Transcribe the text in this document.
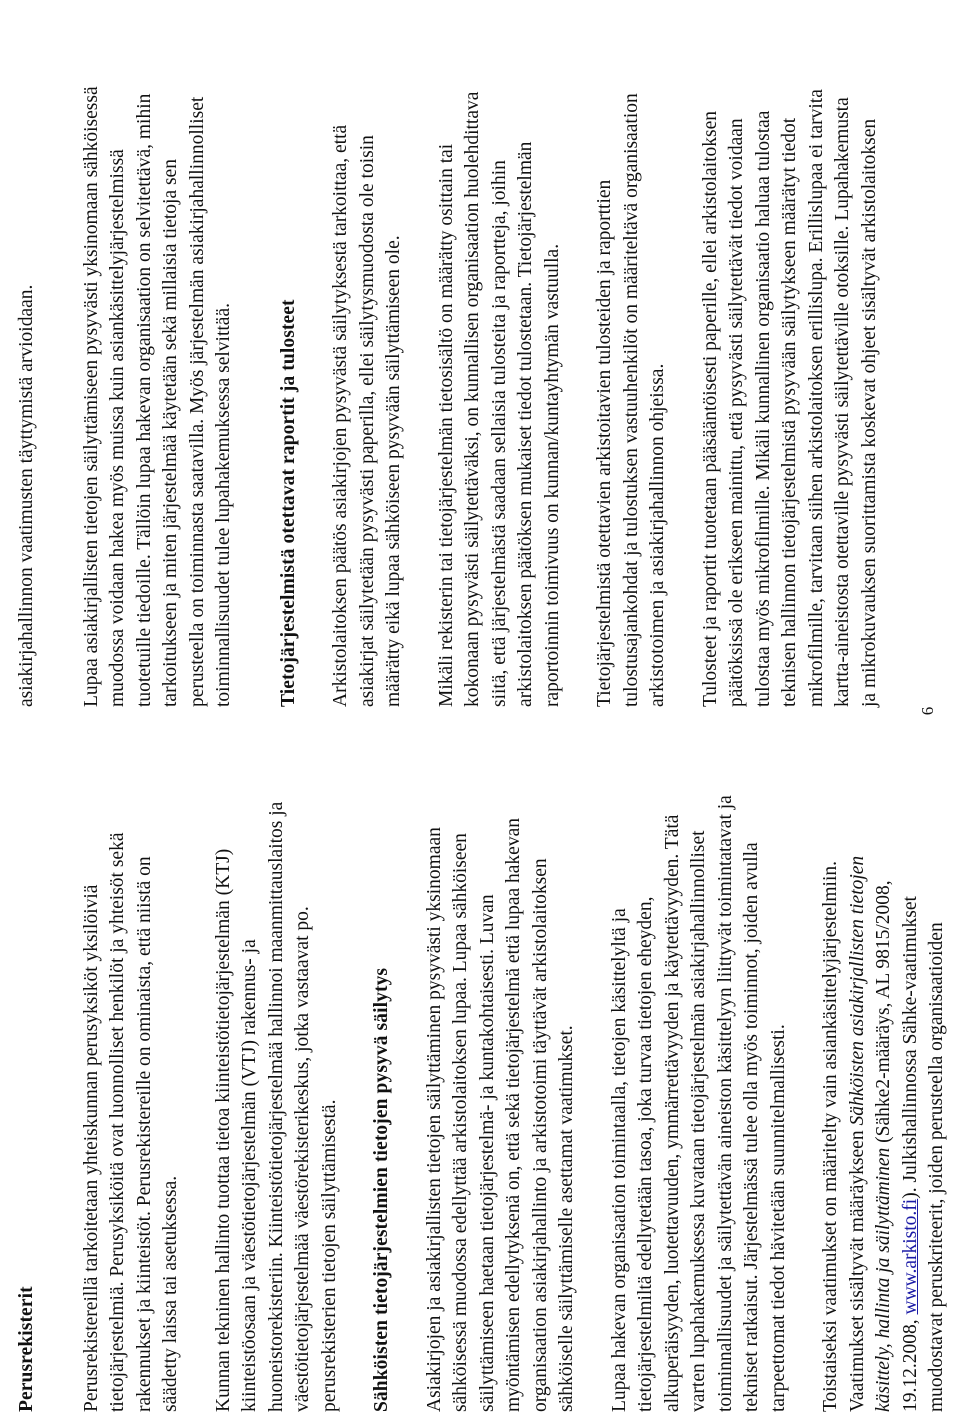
Perusrekisterit Perusrekistereillä tarkoitetaan yhteiskunnan perusyksiköt yksilöiviä tietojärjestelmiä. Perusyksiköitä ovat luonnolliset henkilöt ja yhteisöt sekä rakennukset ja kiinteistöt. Perusrekistereille on ominaista, että niistä on säädetty laissa tai asetuksessa. Kunnan tekninen hallinto tuottaa tietoa kiinteistötietojärjestelmän (KTJ) kiinteistöosaan ja väestötietojärjestelmän (VTJ) rakennus- ja huoneistorekisteriin. Kiinteistötietojärjestelmää hallinnoi maanmittauslaitos ja väestötietojärjestelmää väestörekisterikeskus, jotka vastaavat po. perusrekisterien tietojen säilyttämisestä. Sähköisten tietojärjestelmien tietojen pysyvä säilytys Asiakirjojen ja asiakirjallisten tietojen säilyttäminen pysyvästi yksinomaan sähköisessä muodossa edellyttää arkistolaitoksen lupaa. Lupaa sähköiseen säilyttämiseen haetaan tietojärjestelmä- ja kuntakohtaisesti. Luvan myöntämisen edellytyksenä on, että sekä tietojärjestelmä että lupaa hakevan organisaation asiakirjahallinto ja arkistotoimi täyttävät arkistolaitoksen sähköiselle säilyttämiselle asettamat vaatimukset. Lupaa hakevan organisaation toimintaalla, tietojen käsittelyltä ja tietojärjestelmiltä edellytetään tasoa, joka turvaa tietojen eheyden, alkuperäisyyden, luotettavuuden, ymmärrettävyyden ja käytettävyyden. Tätä varten lupahakemuksessa kuvataan tietojärjestelmän asiakirjahallinnolliset toiminnallisuudet ja säilytettävän aineiston käsittelyyn liittyvät toimintatavat ja tekniset ratkaisut. Järjestelmässä tulee olla myös toiminnot, joiden avulla tarpeettomat tiedot hävitetään suunnitelmallisesti. Toistaiseksi vaatimukset on määritelty vain asiankäsittelyjärjestelmiin. Vaatimukset sisältyvät määräykseen Sähköisten asiakirjallisten tietojen
käsittely, hallinta ja säilyttäminen (Sähke2-määräys, AL 9815/2008,
19.12.2008, www.arkisto.fi). Julkishallinnossa Sähke-vaatimukset muodostavat peruskriteerit, joiden perusteella organisaatioiden
6
asiakirjahallinnon vaatimusten täyttymistä arvioidaan. Lupaa asiakirjallisten tietojen säilyttämiseen pysyvästi yksinomaan sähköisessä muodossa voidaan hakea myös muissa kuin asiankäsittelyjärjestelmissä tuotetuille tiedoille. Tällöin lupaa hakevan organisaation on selvitettävä, mihin tarkoitukseen ja miten järjestelmää käytetään sekä millaisia tietoja sen perusteella on toiminnasta saatavilla. Myös järjestelmän asiakirjahallinnolliset toiminnallisuudet tulee lupahakemuksessa selvittää. Tietojärjestelmistä otettavat raportit ja tulosteet Arkistolaitoksen päätös asiakirjojen pysyvästä säilytyksestä tarkoittaa, että asiakirjat säilytetään pysyvästi paperilla, ellei säilytysmuodosta ole toisin määrätty eikä lupaa sähköiseen pysyvään säilyttämiseen ole. Mikäli rekisterin tai tietojärjestelmän tietosisältö on määrätty osittain tai kokonaan pysyvästi säilytettäväksi, on kunnallisen organisaation huolehdittava siitä, että järjestelmästä saadaan sellaisia tulosteita ja raportteja, joihin arkistolaitoksen päätöksen mukaiset tiedot tulostetaan. Tietojärjestelmän raportoinnin toimivuus on kunnan/kuntayhtymän vastuulla. Tietojärjestelmistä otettavien arkistoitavien tulosteiden ja raporttien tulostusajankohdat ja tulostuksen vastuuhenkilöt on määriteltävä organisaation arkistotoimen ja asiakirjahallinnon ohjeissa. Tulosteet ja raportit tuotetaan pääsääntöisesti paperille, ellei arkistolaitoksen päätöksissä ole erikseen mainittu, että pysyvästi säilytettävät tiedot voidaan tulostaa myös mikrofilmille. Mikäli kunnallinen organisaatio haluaa tulostaa teknisen hallinnon tietojärjestelmistä pysyvään säilytykseen määrätyt tiedot mikrofilmille, tarvitaan siihen arkistolaitoksen erillislupa. Erillislupaa ei tarvita kartta-aineistosta otettaville pysyvästi säilytettäville otoksille. Lupahakemusta ja mikrokuvauksen suorittamista koskevat ohjeet sisältyvät arkistolaitoksen
